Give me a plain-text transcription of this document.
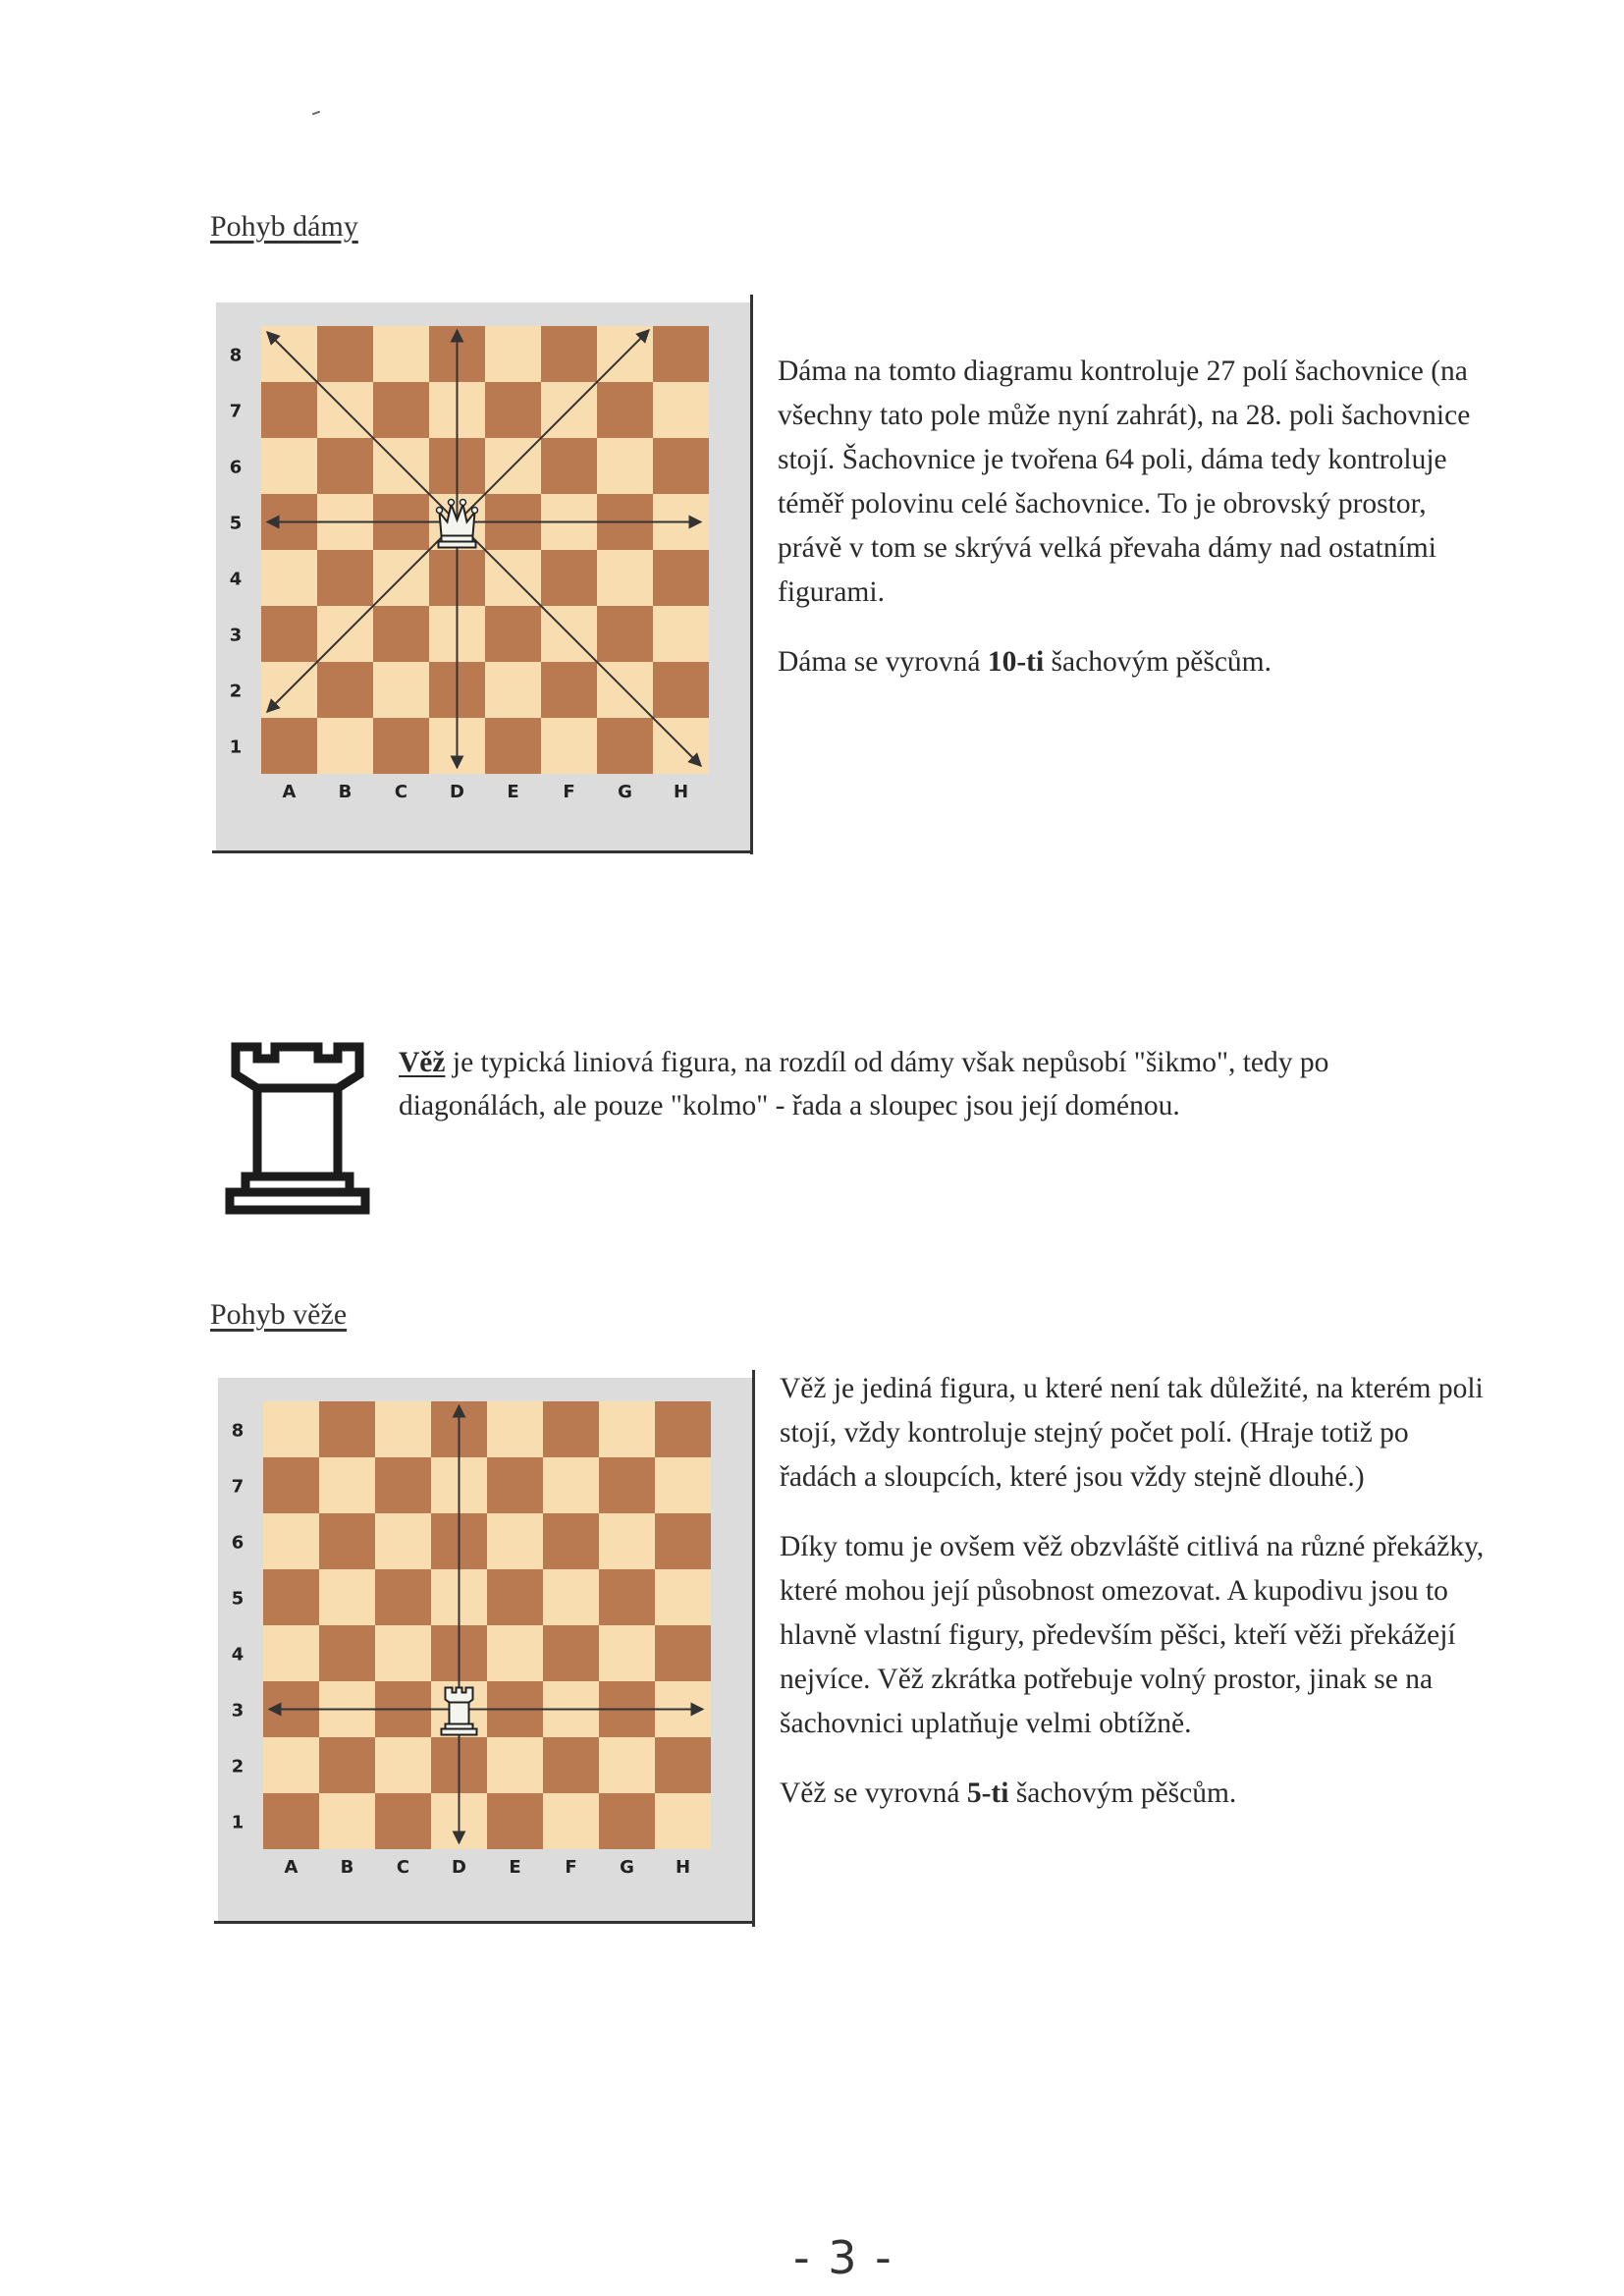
Pohyb dámy
8
7
6
5
4
3
2
1
A B C D E F G H

Dáma na tomto diagramu kontroluje 27 polí šachovnice (na všechny tato pole může nyní zahrát), na 28. poli šachovnice stojí. Šachovnice je tvořena 64 poli, dáma tedy kontroluje téměř polovinu celé šachovnice. To je obrovský prostor, právě v tom se skrývá velká převaha dámy nad ostatními figurami.

Dáma se vyrovná 10-ti šachovým pěšcům.

Věž je typická liniová figura, na rozdíl od dámy však nepůsobí "šikmo", tedy po diagonálách, ale pouze "kolmo" - řada a sloupec jsou její doménou.
Pohyb věže
8
7
6
5
4
3
2
1
A B C D E F G H

Věž je jediná figura, u které není tak důležité, na kterém poli stojí, vždy kontroluje stejný počet polí. (Hraje totiž po řadách a sloupcích, které jsou vždy stejně dlouhé.)

Díky tomu je ovšem věž obzvláště citlivá na různé překážky, které mohou její působnost omezovat. A kupodivu jsou to hlavně vlastní figury, především pěšci, kteří věži překážejí nejvíce. Věž zkrátka potřebuje volný prostor, jinak se na šachovnici uplatňuje velmi obtížně.

Věž se vyrovná 5-ti šachovým pěšcům.

- 3 -
